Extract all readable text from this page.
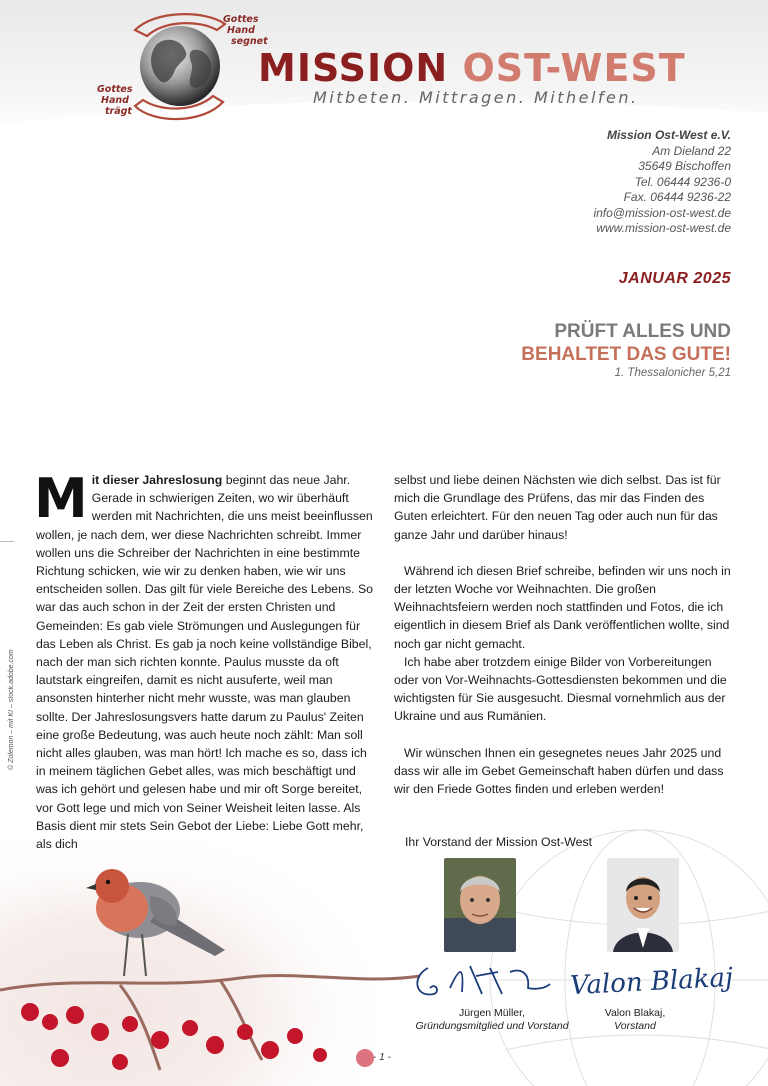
Gottes
Hand
segnet
Gottes
Hand
trägt
MISSION OST-WEST
Mitbeten. Mittragen. Mithelfen.
Mission Ost-West e.V.
Am Dieland 22
35649 Bischoffen
Tel. 06444 9236-0
Fax. 06444 9236-22
info@mission-ost-west.de
www.mission-ost-west.de
JANUAR 2025
PRÜFT ALLES UND
BEHALTET DAS GUTE!
1. Thessalonicher 5,21
© Zolemon – mit KI – stock.adobe.com

Mit dieser Jahreslosung beginnt das neue Jahr. Gerade in schwierigen Zeiten, wo wir überhäuft werden mit Nachrichten, die uns meist beeinflussen wollen, je nach dem, wer diese Nachrichten schreibt. Immer wollen uns die Schreiber der Nachrichten in eine bestimmte Richtung schicken, wie wir zu denken haben, wie wir uns entscheiden sollen. Das gilt für viele Bereiche des Lebens. So war das auch schon in der Zeit der ersten Christen und Gemeinden: Es gab viele Strömungen und Auslegungen für das Leben als Christ. Es gab ja noch keine vollständige Bibel, nach der man sich richten konnte. Paulus musste da oft lautstark eingreifen, damit es nicht ausuferte, weil man ansonsten hinterher nicht mehr wusste, was man glauben sollte. Der Jahreslosungsvers hatte darum zu Paulus' Zeiten eine große Bedeutung, was auch heute noch zählt: Man soll nicht alles glauben, was man hört! Ich mache es so, dass ich in meinem täglichen Gebet alles, was mich beschäftigt und was ich gehört und gelesen habe und mir oft Sorge bereitet, vor Gott lege und mich von Seiner Weisheit leiten lasse. Als Basis dient mir stets Sein Gebot der Liebe: Liebe Gott mehr, als dich

selbst und liebe deinen Nächsten wie dich selbst. Das ist für mich die Grundlage des Prüfens, das mir das Finden des Guten erleichtert. Für den neuen Tag oder auch nun für das ganze Jahr und darüber hinaus!

Während ich diesen Brief schreibe, befinden wir uns noch in der letzten Woche vor Weihnachten. Die großen Weihnachtsfeiern werden noch stattfinden und Fotos, die ich eigentlich in diesem Brief als Dank veröffentlichen wollte, sind noch gar nicht gemacht.

Ich habe aber trotzdem einige Bilder von Vorbereitungen oder von Vor-Weihnachts-Gottesdiensten bekommen und die wichtigsten für Sie ausgesucht. Diesmal vornehmlich aus der Ukraine und aus Rumänien.

Wir wünschen Ihnen ein gesegnetes neues Jahr 2025 und dass wir alle im Gebet Gemeinschaft haben dürfen und dass wir den Friede Gottes finden und erleben werden!

Ihr Vorstand der Mission Ost-West
Valon Blakaj
Jürgen Müller,
Gründungsmitglied und Vorstand
Valon Blakaj,
Vorstand
- 1 -
